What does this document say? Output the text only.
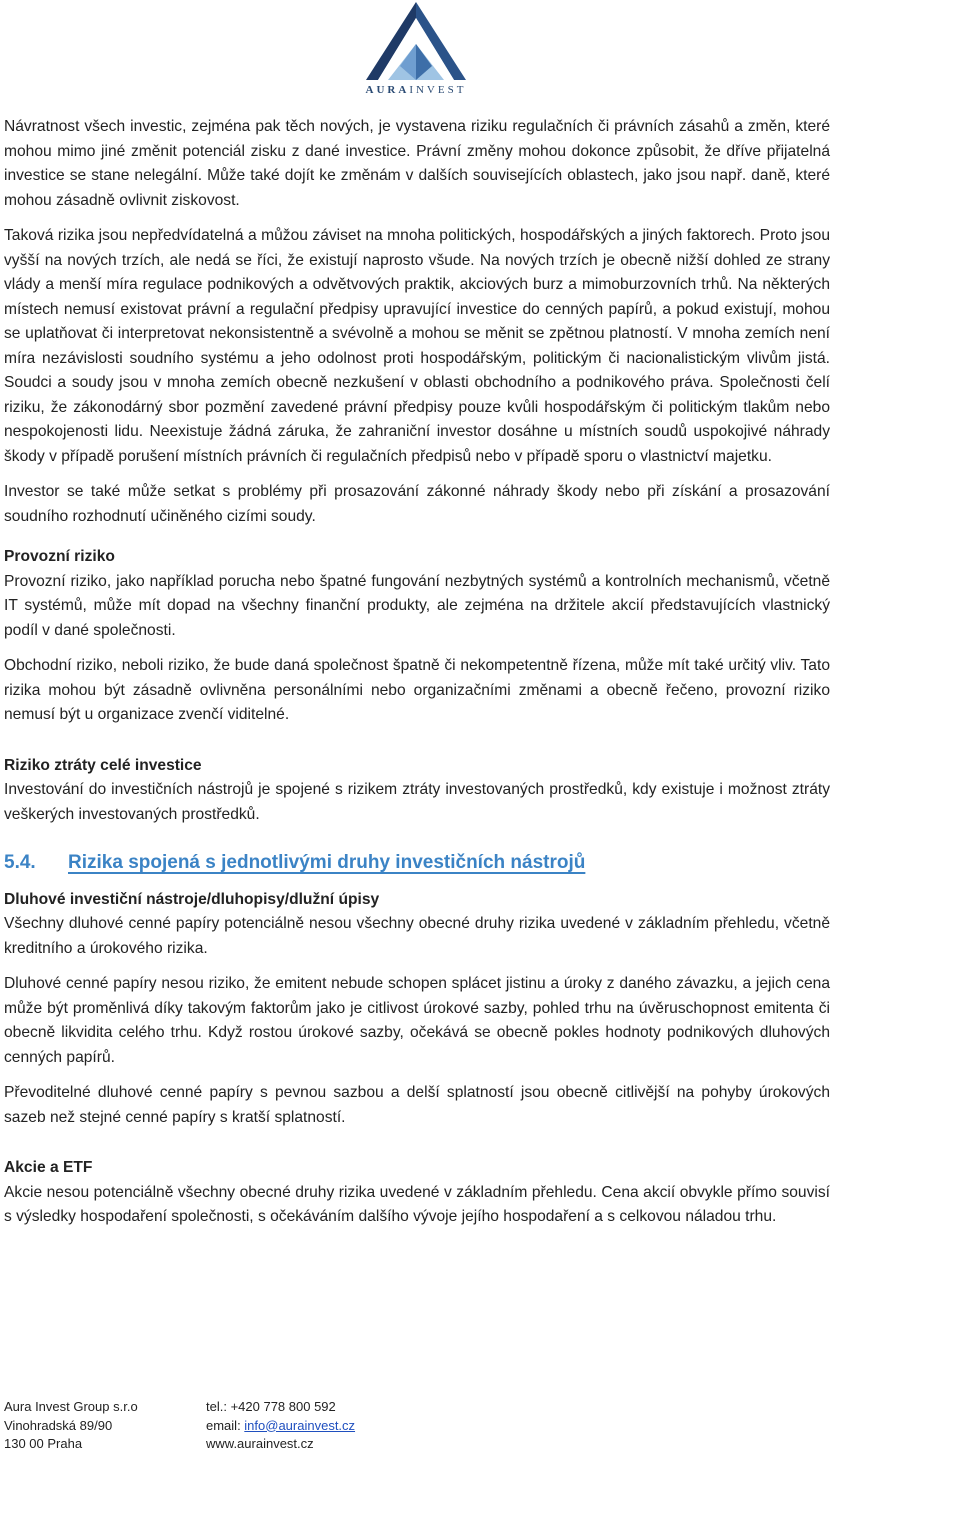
AURAINVEST

Návratnost všech investic, zejména pak těch nových, je vystavena riziku regulačních či právních zásahů a změn, které mohou mimo jiné změnit potenciál zisku z dané investice. Právní změny mohou dokonce způsobit, že dříve přijatelná investice se stane nelegální. Může také dojít ke změnám v dalších souvisejících oblastech, jako jsou např. daně, které mohou zásadně ovlivnit ziskovost.

Taková rizika jsou nepředvídatelná a můžou záviset na mnoha politických, hospodářských a jiných faktorech. Proto jsou vyšší na nových trzích, ale nedá se říci, že existují naprosto všude. Na nových trzích je obecně nižší dohled ze strany vlády a menší míra regulace podnikových a odvětvových praktik, akciových burz a mimoburzovních trhů. Na některých místech nemusí existovat právní a regulační předpisy upravující investice do cenných papírů, a pokud existují, mohou se uplatňovat či interpretovat nekonsistentně a svévolně a mohou se měnit se zpětnou platností. V mnoha zemích není míra nezávislosti soudního systému a jeho odolnost proti hospodářským, politickým či nacionalistickým vlivům jistá. Soudci a soudy jsou v mnoha zemích obecně nezkušení v oblasti obchodního a podnikového práva. Společnosti čelí riziku, že zákonodárný sbor pozmění zavedené právní předpisy pouze kvůli hospodářským či politickým tlakům nebo nespokojenosti lidu. Neexistuje žádná záruka, že zahraniční investor dosáhne u místních soudů uspokojivé náhrady škody v případě porušení místních právních či regulačních předpisů nebo v případě sporu o vlastnictví majetku.

Investor se také může setkat s problémy při prosazování zákonné náhrady škody nebo při získání a prosazování soudního rozhodnutí učiněného cizími soudy.

Provozní riziko

Provozní riziko, jako například porucha nebo špatné fungování nezbytných systémů a kontrolních mechanismů, včetně IT systémů, může mít dopad na všechny finanční produkty, ale zejména na držitele akcií představujících vlastnický podíl v dané společnosti.

Obchodní riziko, neboli riziko, že bude daná společnost špatně či nekompetentně řízena, může mít také určitý vliv. Tato rizika mohou být zásadně ovlivněna personálními nebo organizačními změnami a obecně řečeno, provozní riziko nemusí být u organizace zvenčí viditelné.

Riziko ztráty celé investice

Investování do investičních nástrojů je spojené s rizikem ztráty investovaných prostředků, kdy existuje i možnost ztráty veškerých investovaných prostředků.

5.4. Rizika spojená s jednotlivými druhy investičních nástrojů
Dluhové investiční nástroje/dluhopisy/dlužní úpisy

Všechny dluhové cenné papíry potenciálně nesou všechny obecné druhy rizika uvedené v základním přehledu, včetně kreditního a úrokového rizika.

Dluhové cenné papíry nesou riziko, že emitent nebude schopen splácet jistinu a úroky z daného závazku, a jejich cena může být proměnlivá díky takovým faktorům jako je citlivost úrokové sazby, pohled trhu na úvěruschopnost emitenta či obecně likvidita celého trhu. Když rostou úrokové sazby, očekává se obecně pokles hodnoty podnikových dluhových cenných papírů.

Převoditelné dluhové cenné papíry s pevnou sazbou a delší splatností jsou obecně citlivější na pohyby úrokových sazeb než stejné cenné papíry s kratší splatností.

Akcie a ETF

Akcie nesou potenciálně všechny obecné druhy rizika uvedené v základním přehledu. Cena akcií obvykle přímo souvisí s výsledky hospodaření společnosti, s očekáváním dalšího vývoje jejího hospodaření a s celkovou náladou trhu.

Aura Invest Group s.r.o
Vinohradská 89/90
130 00 Praha
tel.: +420 778 800 592
email: info@aurainvest.cz
www.aurainvest.cz
